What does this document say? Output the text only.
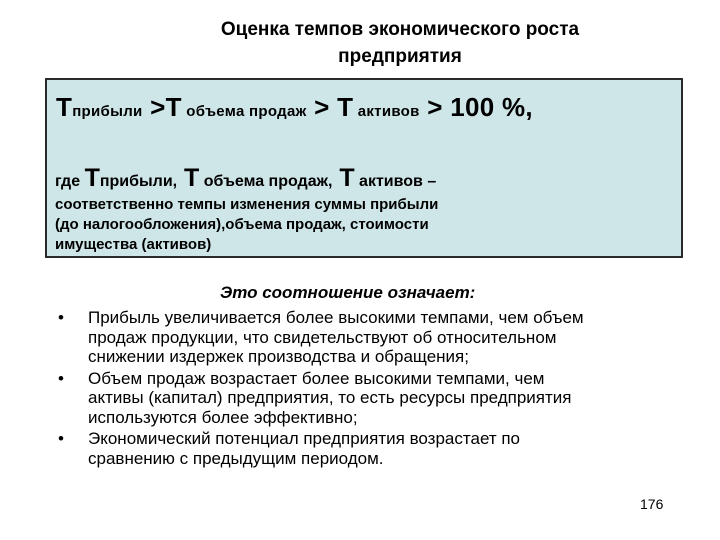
Оценка темпов экономического роста
предприятия
Тприбыли >Т объема продаж > Т активов > 100 %,
где Тприбыли, Т объема продаж, Т активов –
соответственно темпы изменения суммы прибыли
(до налогообложения),объема продаж, стоимости
имущества (активов)
Это соотношение означает:
• Прибыль увеличивается более высокими темпами, чем объем
продаж продукции, что свидетельствуют об относительном
снижении издержек производства и обращения;
• Объем продаж возрастает более высокими темпами, чем
активы (капитал) предприятия, то есть ресурсы предприятия
используются более эффективно;
• Экономический потенциал предприятия возрастает по
сравнению с предыдущим периодом.
176
